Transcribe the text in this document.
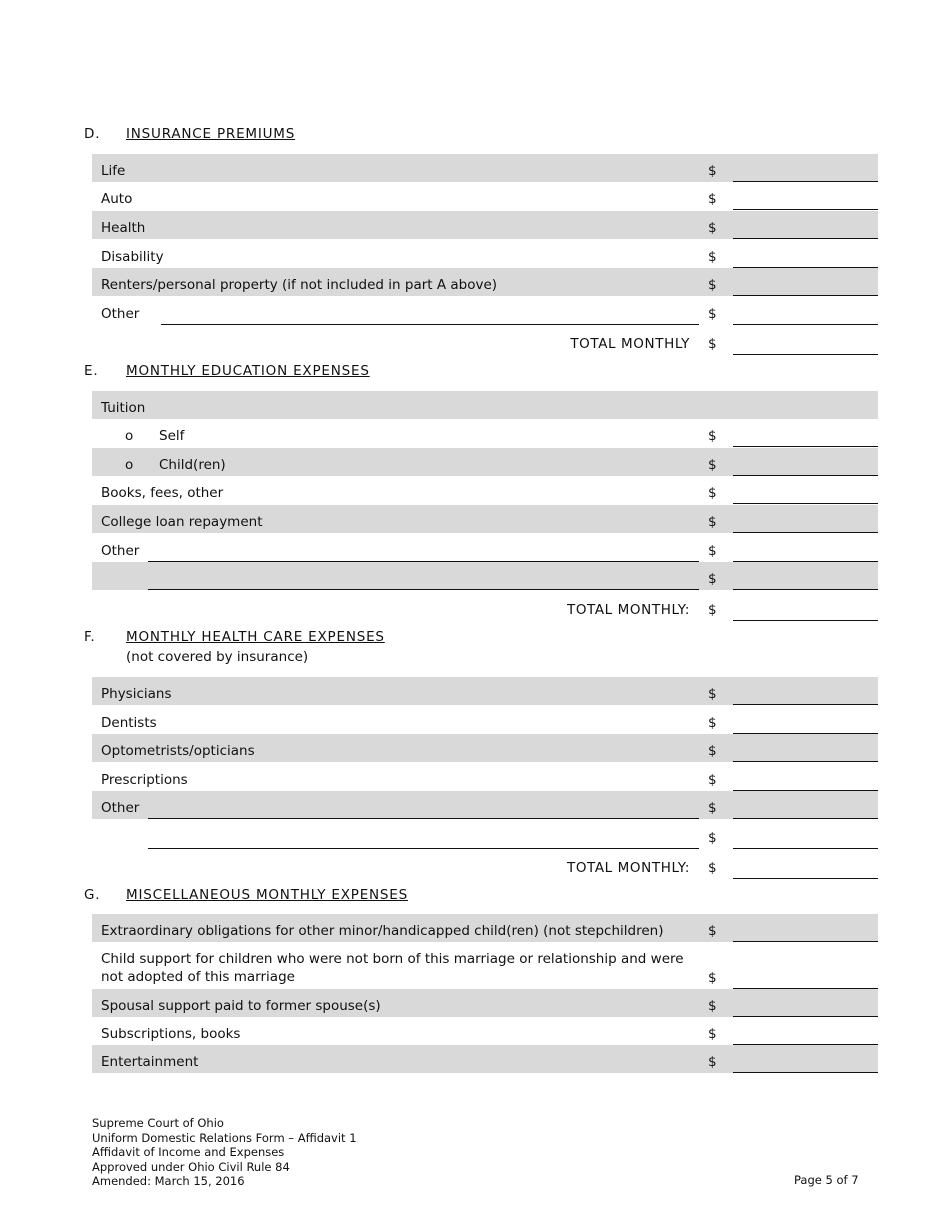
D. INSURANCE PREMIUMS
Life	$
Auto	$
Health	$
Disability	$
Renters/personal property (if not included in part A above)	$
Other	$
TOTAL MONTHLY $
E. MONTHLY EDUCATION EXPENSES
Tuition
o Self	$
o Child(ren)	$
Books, fees, other	$
College loan repayment	$
Other	$
$
TOTAL MONTHLY: $
F. MONTHLY HEALTH CARE EXPENSES
(not covered by insurance)
Physicians	$
Dentists	$
Optometrists/opticians	$
Prescriptions	$
Other	$
$
TOTAL MONTHLY: $
G. MISCELLANEOUS MONTHLY EXPENSES
Extraordinary obligations for other minor/handicapped child(ren) (not stepchildren)	$
Child support for children who were not born of this marriage or relationship and were not adopted of this marriage	$
Spousal support paid to former spouse(s)	$
Subscriptions, books	$
Entertainment	$
Supreme Court of Ohio
Uniform Domestic Relations Form – Affidavit 1
Affidavit of Income and Expenses
Approved under Ohio Civil Rule 84
Amended: March 15, 2016	Page 5 of 7
